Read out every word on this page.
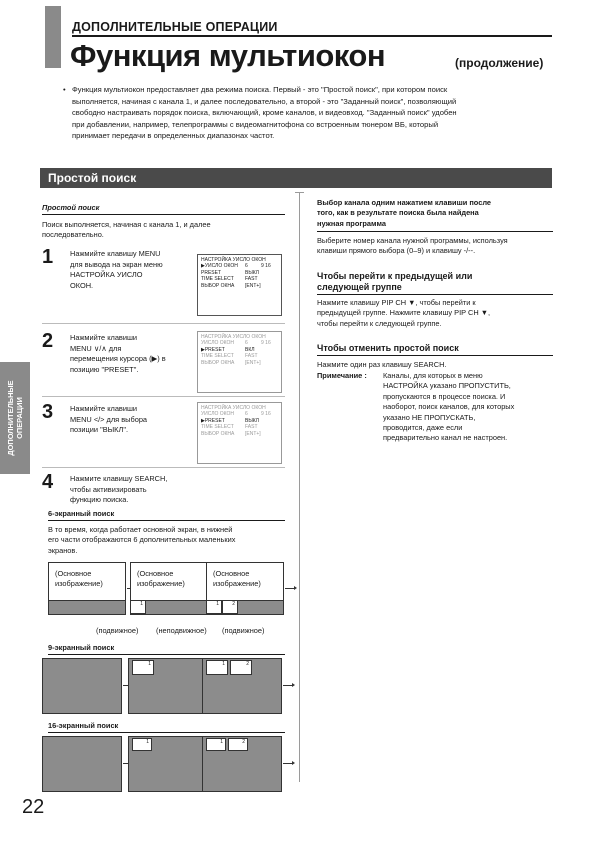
ДОПОЛНИТЕЛЬНЫЕ ОПЕРАЦИИ
Функция мультиокон	(продолжение)
• Функция мультиокон предоставляет два режима поиска. Первый - это "Простой поиск", при котором поиск
выполняется, начиная с канала 1, и далее последовательно, а второй - это "Заданный поиск", позволяющий
свободно настраивать порядок поиска, включающий, кроме каналов, и видеовход. "Заданный поиск" удобен
при добавлении, например, телепрограммы с видеомагнитофона со встроенным тюнером ВБ, который
принимает передачи в определенных диапазонах частот.
Простой поиск
ДОПОЛНИТЕЛЬНЫЕ ОПЕРАЦИИ
Простой поиск
Поиск выполняется, начиная с канала 1, и далее
последовательно.
1 Нажмийте клавишу MENU
для вывода на экран меню
НАСТРОЙКА УИСЛО
ОКОН.
НАСТРОЙКА УИСЛО ОКОН
▶УИСЛО ОКОН	6	9 16
PRESET	ВЫКЛ
TIME SELECT	FAST
ВЫБОР ОКНА	[ENT+]
2 Нажмийте клавиши
MENU ∨/∧ для
перемещения курсора (▶) в
позицию "PRESET".
НАСТРОЙКА УИСЛО ОКОН
УИСЛО ОКОН	6	9 16
▶PRESET	ВКЛ
TIME SELECT	FAST
ВЫБОР ОКНА	[ENT+]
3 Нажмийте клавиши
MENU </> для выбора
позиции "ВЫКЛ".
НАСТРОЙКА УИСЛО ОКОН
УИСЛО ОКОН	6	9 16
▶PRESET	ВЫКЛ
TIME SELECT	FAST
ВЫБОР ОКНА	[ENT+]
4 Нажмите клавишу SEARCH,
чтобы активизировать
функцию поиска.
6-экранный поиск
В то время, когда работает основной экран, в нижней
его части отображаются 6 дополнительных маленьких
экранов.
(Основное
изображение)
(Основное
изображение)
1
(Основное
изображение)
1	2
(подвижное) (неподвижное) (подвижное)
9-экранный поиск
1	1	2
16-экранный поиск
1	1	2
Выбор канала одним нажатием клавиши после
того, как в результате поиска была найдена
нужная программа
Выберите номер канала нужной программы, используя
клавиши прямого выбора (0–9) и клавишу -/--.
Чтобы перейти к предыдущей или
следующей группе
Нажмите клавишу PIP CH ▼, чтобы перейти к
предыдущей группе. Нажмите клавишу PIP CH ▼,
чтобы перейти к следующей группе.
Чтобы отменить простой поиск
Нажмите один раз клавишу SEARCH.
Примечание : Каналы, для которых в меню
НАСТРОЙКА указано ПРОПУСТИТЬ,
пропускаются в процессе поиска. И
наоборот, поиск каналов, для которых
указано НЕ ПРОПУСКАТЬ,
проводится, даже если
предварительно канал не настроен.
22
